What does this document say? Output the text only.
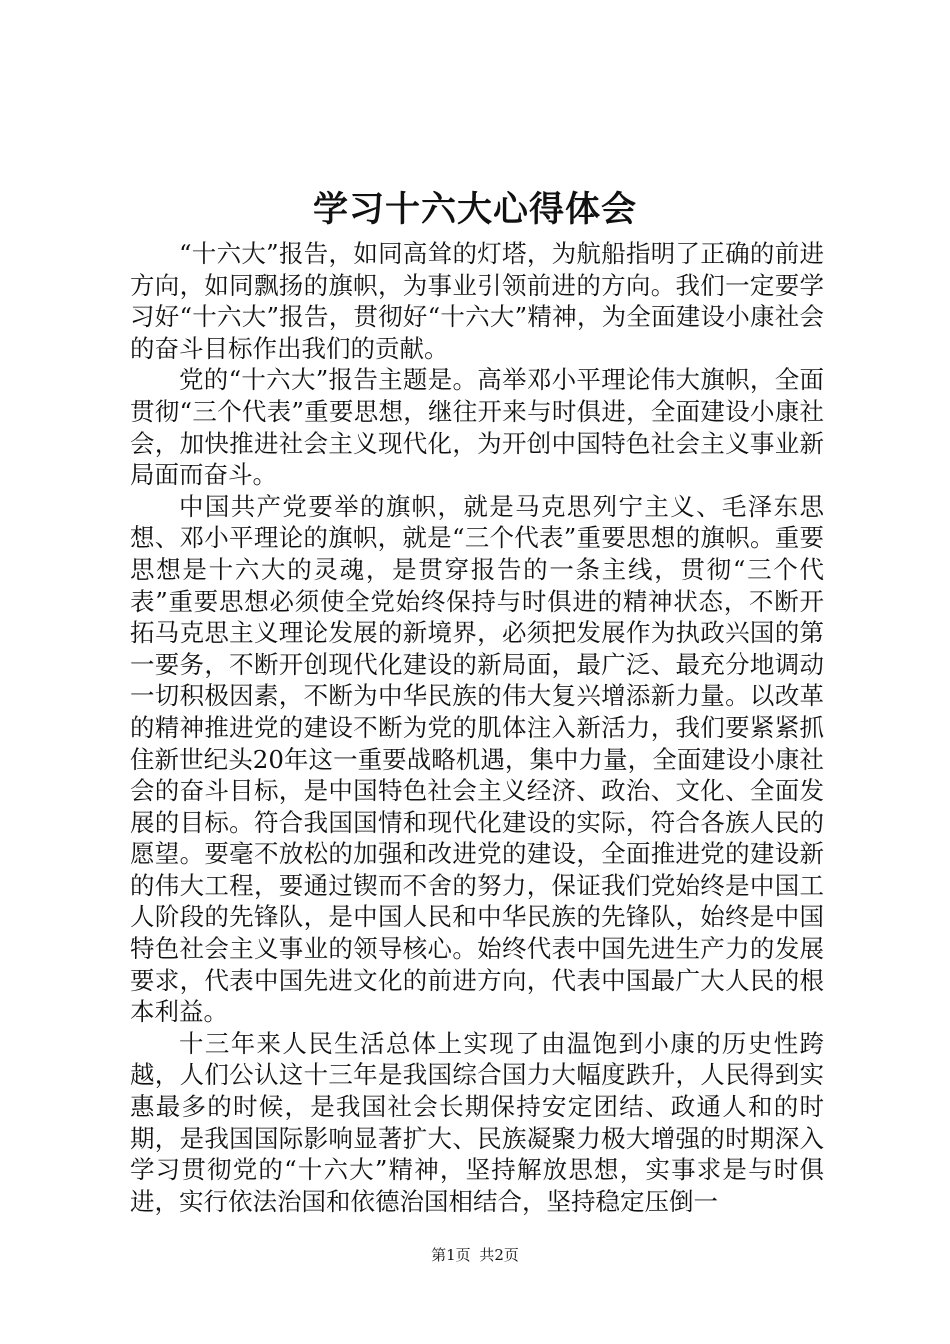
学习十六大心得体会

“十六大”报告，如同高耸的灯塔，为航船指明了正确的前进方向，如同飘扬的旗帜，为事业引领前进的方向。我们一定要学习好“十六大”报告，贯彻好“十六大”精神，为全面建设小康社会的奋斗目标作出我们的贡献。

党的“十六大”报告主题是。高举邓小平理论伟大旗帜，全面贯彻“三个代表”重要思想，继往开来与时俱进，全面建设小康社会，加快推进社会主义现代化，为开创中国特色社会主义事业新局面而奋斗。

中国共产党要举的旗帜，就是马克思列宁主义、毛泽东思想、邓小平理论的旗帜，就是“三个代表”重要思想的旗帜。重要思想是十六大的灵魂，是贯穿报告的一条主线，贯彻“三个代表”重要思想必须使全党始终保持与时俱进的精神状态，不断开拓马克思主义理论发展的新境界，必须把发展作为执政兴国的第一要务，不断开创现代化建设的新局面，最广泛、最充分地调动一切积极因素，不断为中华民族的伟大复兴增添新力量。以改革的精神推进党的建设不断为党的肌体注入新活力，我们要紧紧抓住新世纪头20年这一重要战略机遇，集中力量，全面建设小康社会的奋斗目标，是中国特色社会主义经济、政治、文化、全面发展的目标。符合我国国情和现代化建设的实际，符合各族人民的愿望。要毫不放松的加强和改进党的建设，全面推进党的建设新的伟大工程，要通过锲而不舍的努力，保证我们党始终是中国工人阶段的先锋队，是中国人民和中华民族的先锋队，始终是中国特色社会主义事业的领导核心。始终代表中国先进生产力的发展要求，代表中国先进文化的前进方向，代表中国最广大人民的根本利益。

十三年来人民生活总体上实现了由温饱到小康的历史性跨越，人们公认这十三年是我国综合国力大幅度跌升，人民得到实惠最多的时候，是我国社会长期保持安定团结、政通人和的时期，是我国国际影响显著扩大、民族凝聚力极大增强的时期深入学习贯彻党的“十六大”精神，坚持解放思想，实事求是与时俱进，实行依法治国和依德治国相结合，坚持稳定压倒一

第1页 共2页
